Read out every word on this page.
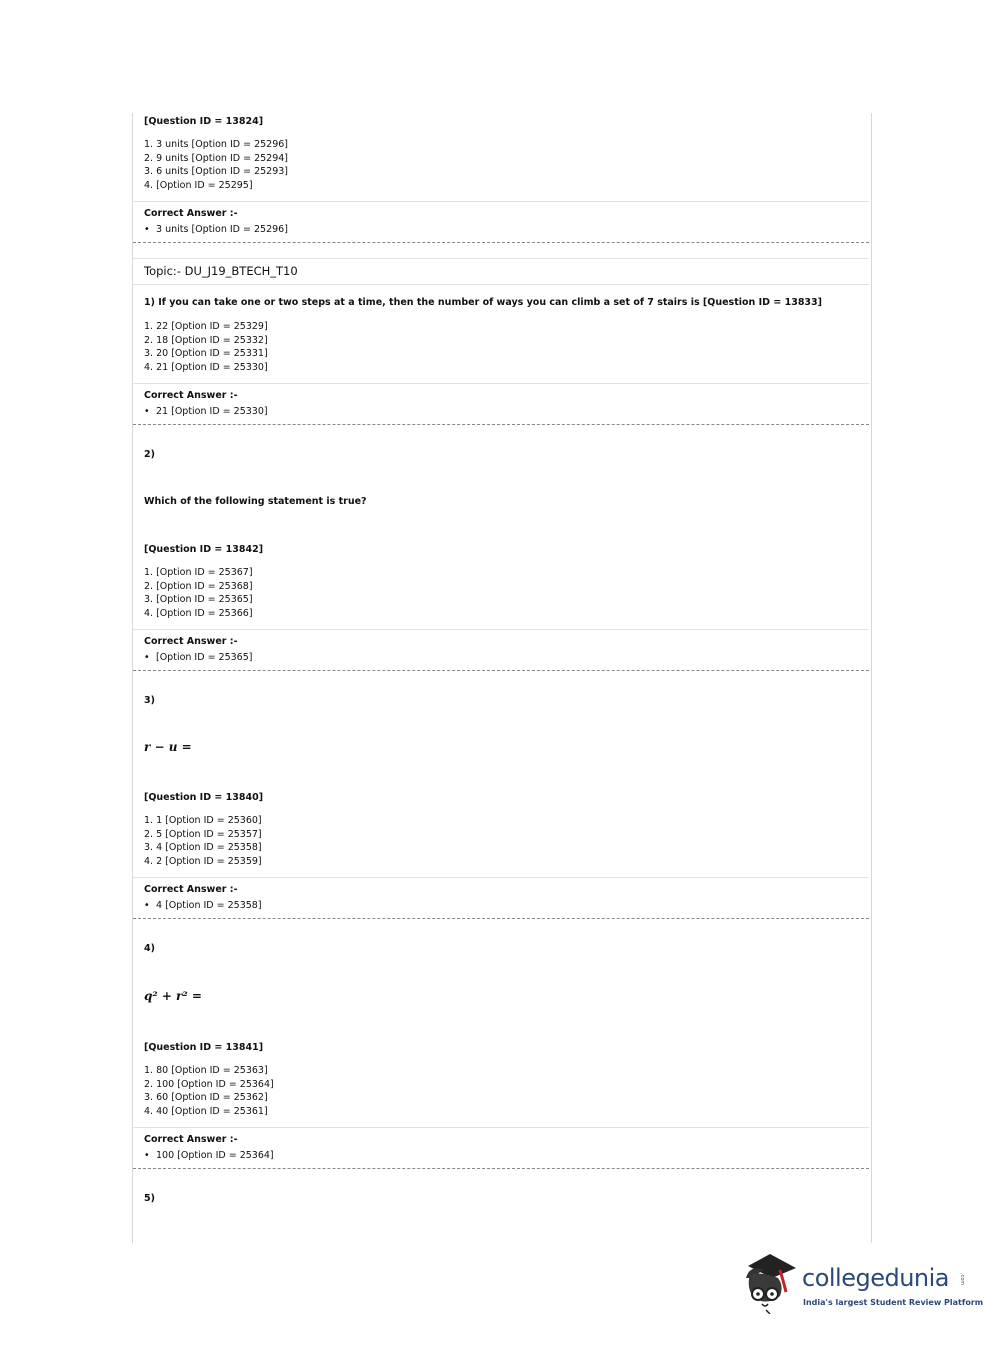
[Question ID = 13824]
1. 3 units [Option ID = 25296]
2. 9 units [Option ID = 25294]
3. 6 units [Option ID = 25293]
4. [Option ID = 25295]
Correct Answer :-
• 3 units [Option ID = 25296]
Topic:- DU_J19_BTECH_T10
1) If you can take one or two steps at a time, then the number of ways you can climb a set of 7 stairs is [Question ID = 13833]
1. 22 [Option ID = 25329]
2. 18 [Option ID = 25332]
3. 20 [Option ID = 25331]
4. 21 [Option ID = 25330]
Correct Answer :-
• 21 [Option ID = 25330]
2)
Which of the following statement is true?
[Question ID = 13842]
1. [Option ID = 25367]
2. [Option ID = 25368]
3. [Option ID = 25365]
4. [Option ID = 25366]
Correct Answer :-
• [Option ID = 25365]
3)
r − u =
[Question ID = 13840]
1. 1 [Option ID = 25360]
2. 5 [Option ID = 25357]
3. 4 [Option ID = 25358]
4. 2 [Option ID = 25359]
Correct Answer :-
• 4 [Option ID = 25358]
4)
q² + r² =
[Question ID = 13841]
1. 80 [Option ID = 25363]
2. 100 [Option ID = 25364]
3. 60 [Option ID = 25362]
4. 40 [Option ID = 25361]
Correct Answer :-
• 100 [Option ID = 25364]
5)
collegedunia .com
India's largest Student Review Platform
